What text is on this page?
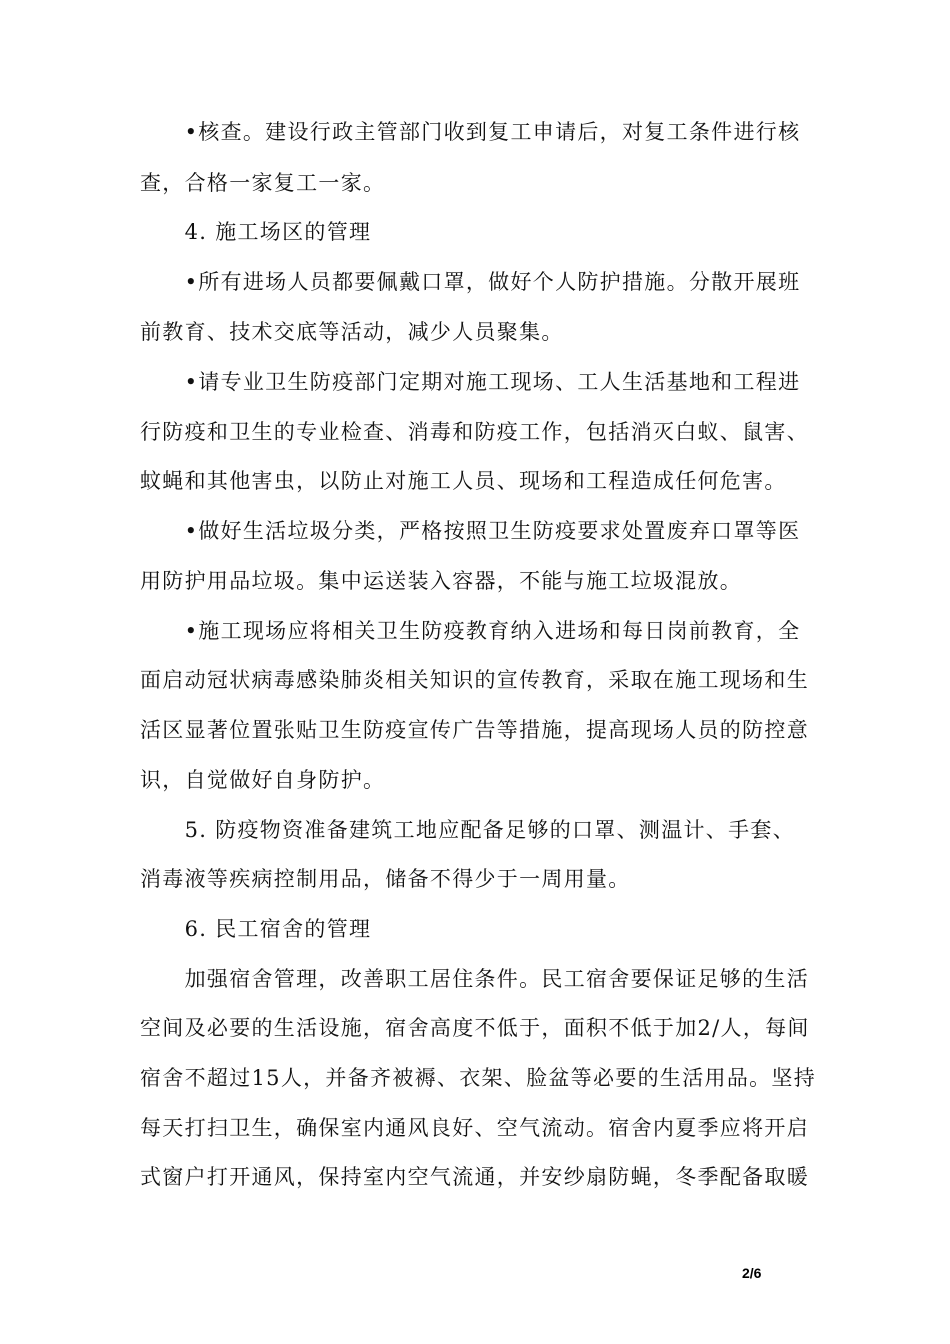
　　•核查。建设行政主管部门收到复工申请后，对复工条件进行核
查，合格一家复工一家。
　　4. 施工场区的管理
　　•所有进场人员都要佩戴口罩，做好个人防护措施。分散开展班
前教育、技术交底等活动，减少人员聚集。
　　•请专业卫生防疫部门定期对施工现场、工人生活基地和工程进
行防疫和卫生的专业检查、消毒和防疫工作，包括消灭白蚁、鼠害、
蚊蝇和其他害虫，以防止对施工人员、现场和工程造成任何危害。
　　•做好生活垃圾分类，严格按照卫生防疫要求处置废弃口罩等医
用防护用品垃圾。集中运送装入容器，不能与施工垃圾混放。
　　•施工现场应将相关卫生防疫教育纳入进场和每日岗前教育，全
面启动冠状病毒感染肺炎相关知识的宣传教育，采取在施工现场和生
活区显著位置张贴卫生防疫宣传广告等措施，提高现场人员的防控意
识，自觉做好自身防护。
　　5. 防疫物资准备建筑工地应配备足够的口罩、测温计、手套、
消毒液等疾病控制用品，储备不得少于一周用量。
　　6. 民工宿舍的管理
　　加强宿舍管理，改善职工居住条件。民工宿舍要保证足够的生活
空间及必要的生活设施，宿舍高度不低于，面积不低于加2/人，每间
宿舍不超过15人，并备齐被褥、衣架、脸盆等必要的生活用品。坚持
每天打扫卫生，确保室内通风良好、空气流动。宿舍内夏季应将开启
式窗户打开通风，保持室内空气流通，并安纱扇防蝇，冬季配备取暖
2/6
